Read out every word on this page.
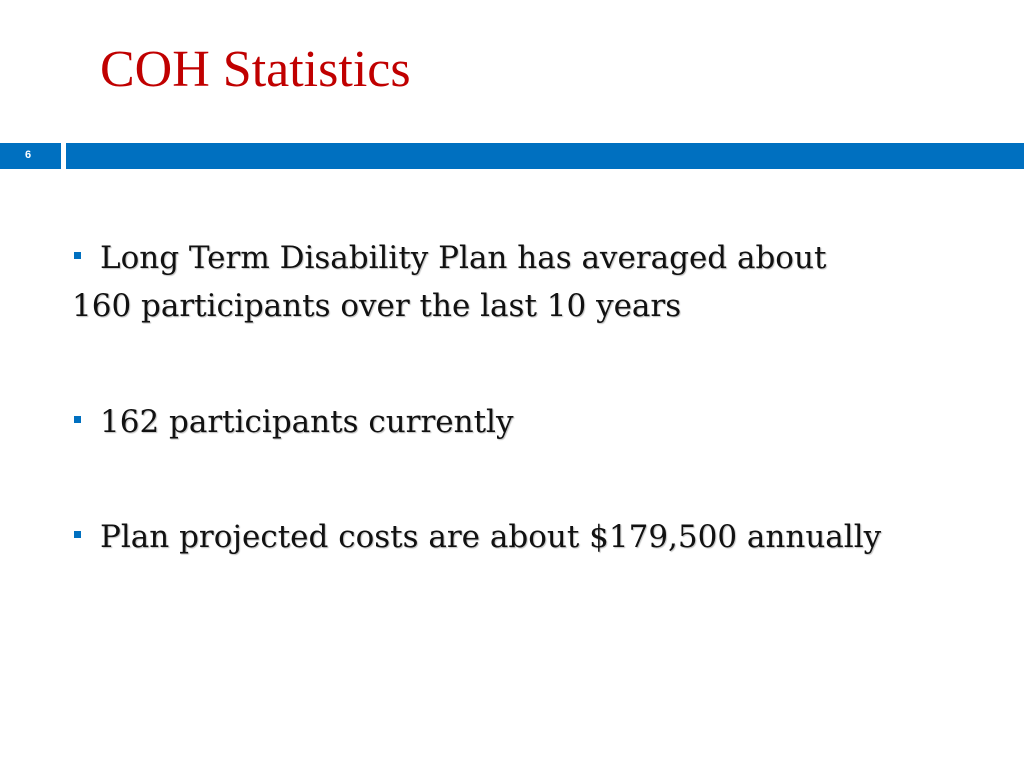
COH Statistics
6
Long Term Disability Plan has averaged about
160 participants over the last 10 years
162 participants currently
Plan projected costs are about $179,500 annually
